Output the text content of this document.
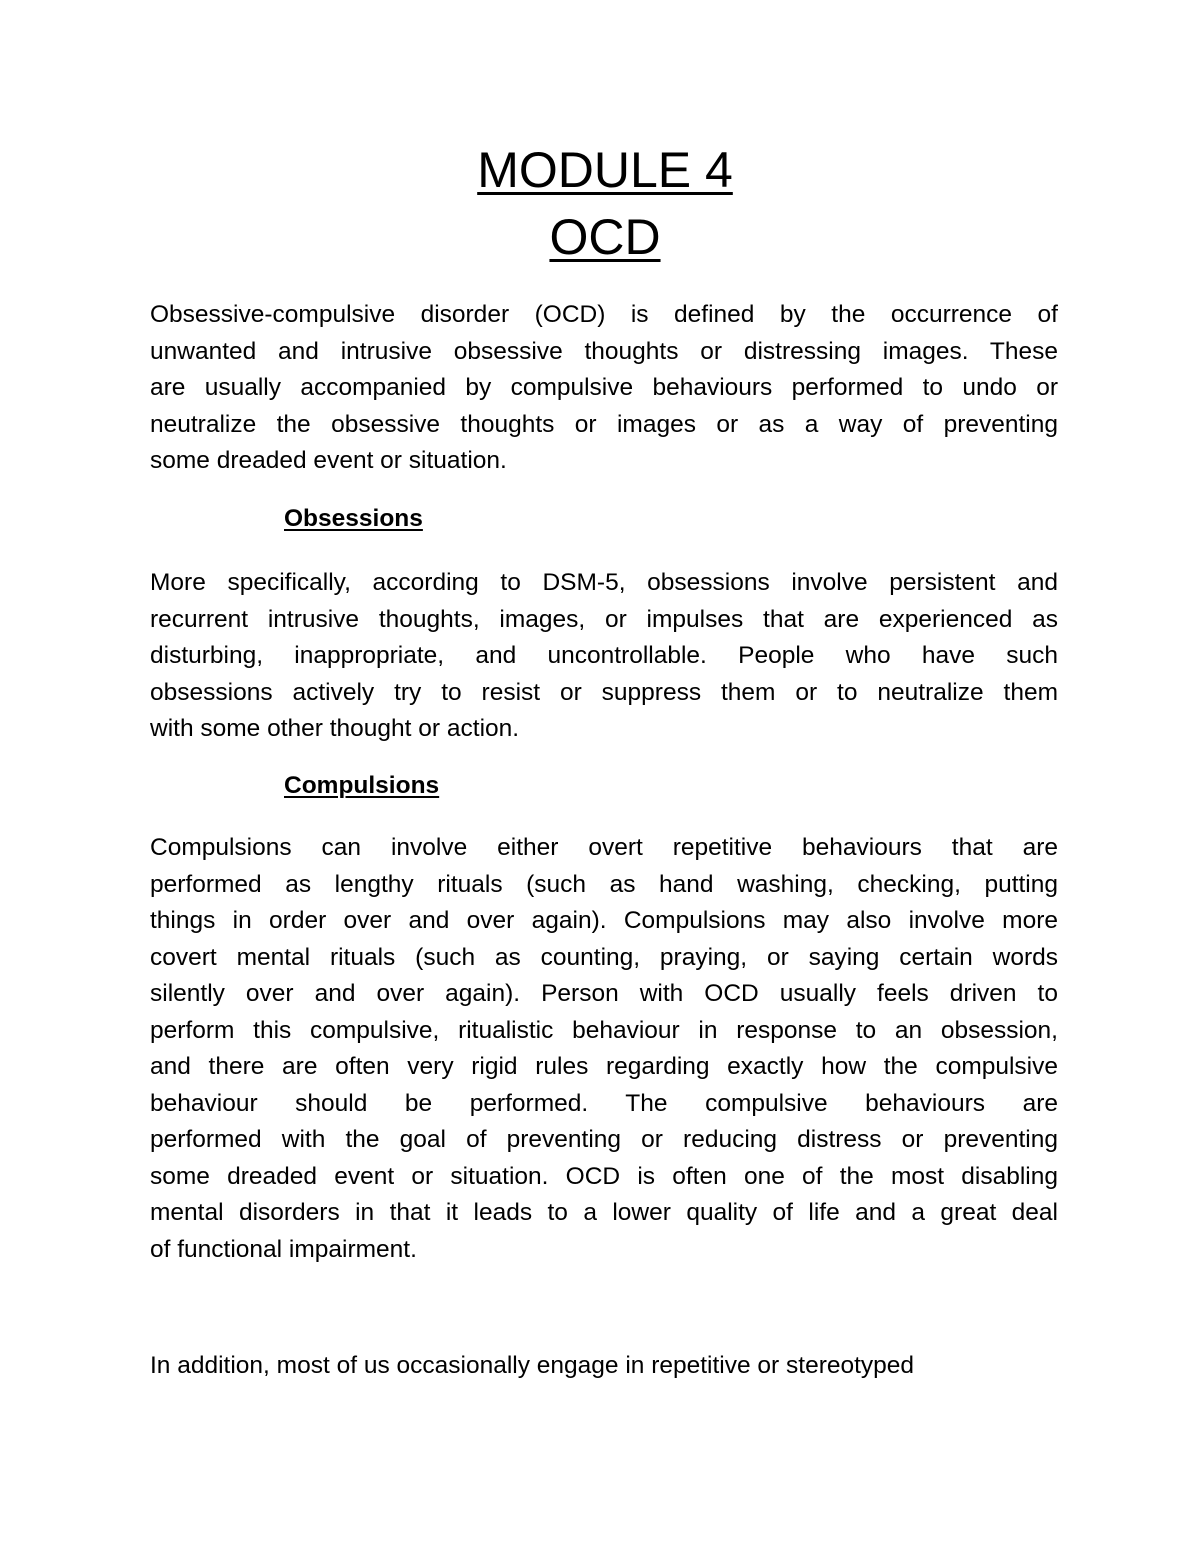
MODULE 4
OCD

Obsessive-compulsive disorder (OCD) is defined by the occurrence of
unwanted and intrusive obsessive thoughts or distressing images. These
are usually accompanied by compulsive behaviours performed to undo or
neutralize the obsessive thoughts or images or as a way of preventing
some dreaded event or situation.

Obsessions

More specifically, according to DSM-5, obsessions involve persistent and
recurrent intrusive thoughts, images, or impulses that are experienced as
disturbing, inappropriate, and uncontrollable. People who have such
obsessions actively try to resist or suppress them or to neutralize them
with some other thought or action.

Compulsions

Compulsions can involve either overt repetitive behaviours that are
performed as lengthy rituals (such as hand washing, checking, putting
things in order over and over again). Compulsions may also involve more
covert mental rituals (such as counting, praying, or saying certain words
silently over and over again). Person with OCD usually feels driven to
perform this compulsive, ritualistic behaviour in response to an obsession,
and there are often very rigid rules regarding exactly how the compulsive
behaviour should be performed. The compulsive behaviours are
performed with the goal of preventing or reducing distress or preventing
some dreaded event or situation. OCD is often one of the most disabling
mental disorders in that it leads to a lower quality of life and a great deal
of functional impairment.

In addition, most of us occasionally engage in repetitive or stereotyped
